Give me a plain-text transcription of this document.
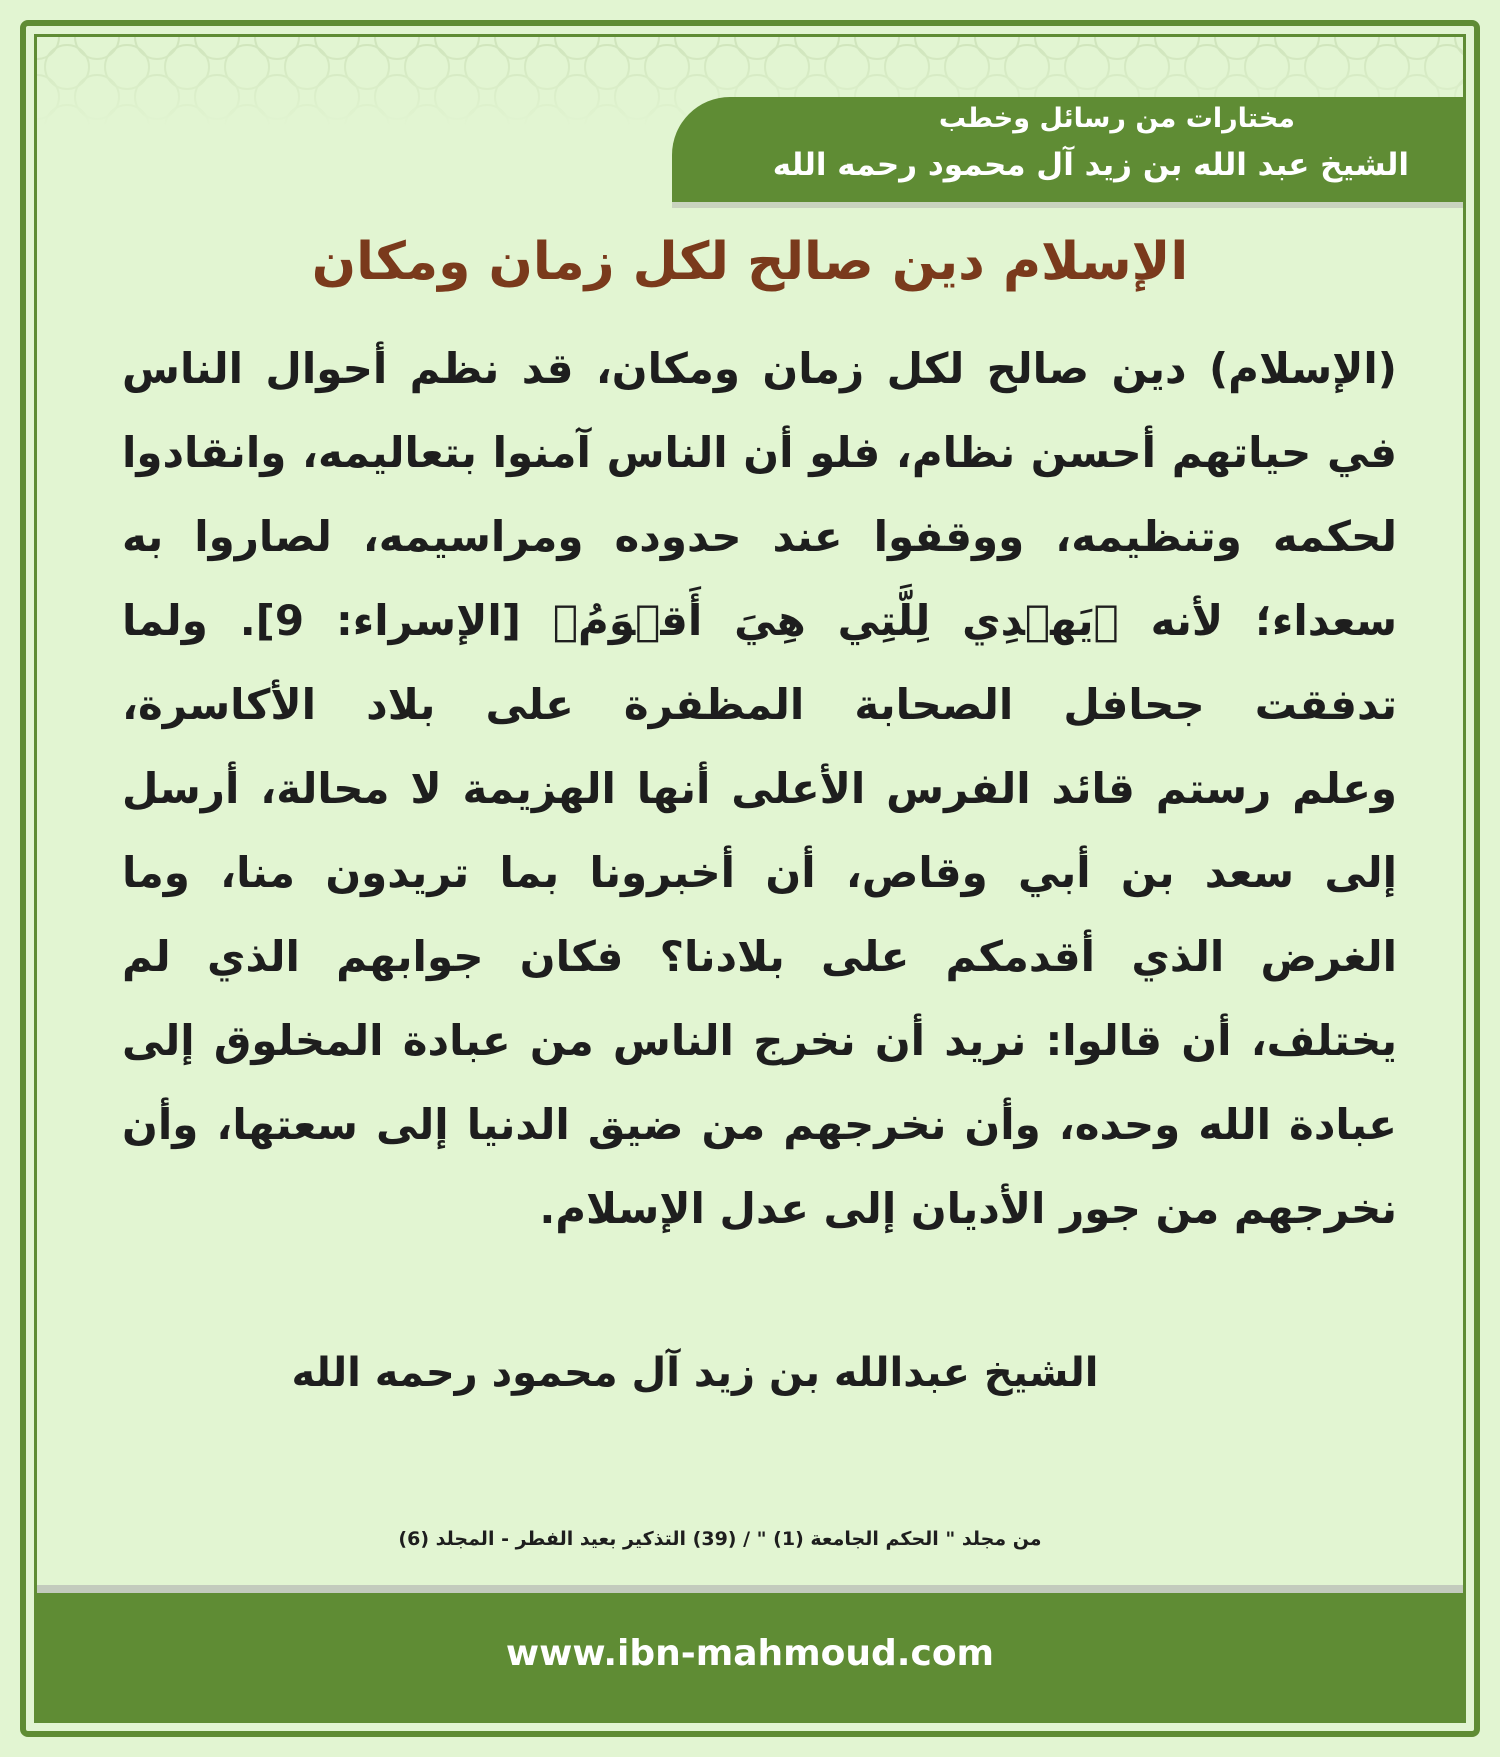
مختارات من رسائل وخطب
الشيخ عبد الله بن زيد آل محمود رحمه الله
الإسلام دين صالح لكل زمان ومكان
(الإسلام) دين صالح لكل زمان ومكان، قد نظم أحوال الناس
في حياتهم أحسن نظام، فلو أن الناس آمنوا بتعاليمه، وانقادوا
لحكمه وتنظيمه، ووقفوا عند حدوده ومراسيمه، لصاروا به
سعداء؛ لأنه ﴿يَهۡدِي لِلَّتِي هِيَ أَقۡوَمُ﴾ [الإسراء: 9]. ولما
تدفقت جحافل الصحابة المظفرة على بلاد الأكاسرة،
وعلم رستم قائد الفرس الأعلى أنها الهزيمة لا محالة، أرسل
إلى سعد بن أبي وقاص، أن أخبرونا بما تريدون منا، وما
الغرض الذي أقدمكم على بلادنا؟ فكان جوابهم الذي لم
يختلف، أن قالوا: نريد أن نخرج الناس من عبادة المخلوق إلى
عبادة الله وحده، وأن نخرجهم من ضيق الدنيا إلى سعتها، وأن
نخرجهم من جور الأديان إلى عدل الإسلام.
الشيخ عبدالله بن زيد آل محمود رحمه الله
من مجلد " الحكم الجامعة (1) " / (39) التذكير بعيد الفطر - المجلد (6)
www.ibn-mahmoud.com
